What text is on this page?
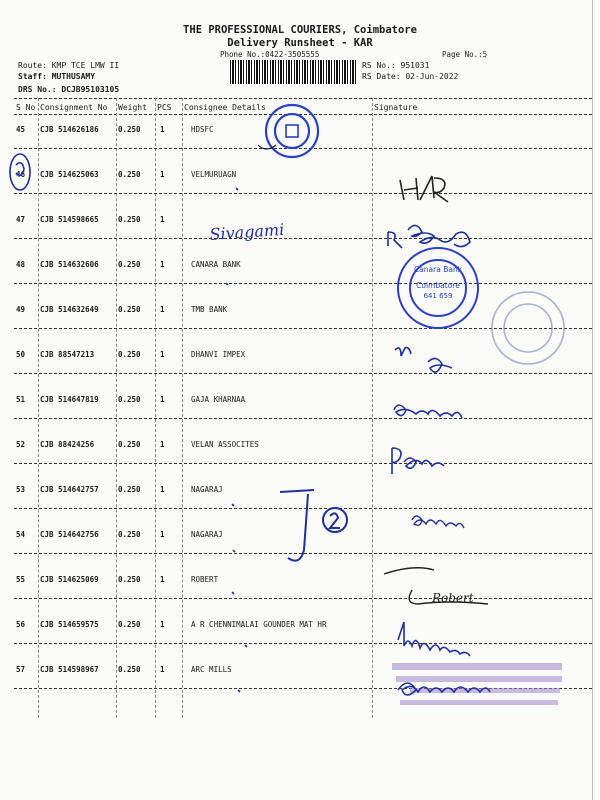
THE PROFESSIONAL COURIERS, Coimbatore
Delivery Runsheet - KAR
Phone No.:0422-3505555	Page No.:5
Route: KMP TCE LMW II
Staff: MUTHUSAMY
DRS No.: DCJB95103105
RS No.: 951031
RS Date: 02-Jun-2022
S No Consignment No Weight PCS Consignee Details	Signature
45 CJB 514626186	0.250	1	HDSFC
46 CJB 514625063	0.250	1	VELMURUAGN
47 CJB 514598665	0.250	1
48 CJB 514632606	0.250	1	CANARA BANK
49 CJB 514632649	0.250	1	TMB BANK
50 CJB 88547213	0.250	1	DHANVI IMPEX
51 CJB 514647819	0.250	1	GAJA KHARNAA
52 CJB 88424256	0.250	1	VELAN ASSOCITES
53 CJB 514642757	0.250	1	NAGARAJ
54 CJB 514642756	0.250	1	NAGARAJ
55 CJB 514625069	0.250	1	ROBERT
56 CJB 514659575	0.250	1	A R CHENNIMALAI GOUNDER MAT HR
57 CJB 514598967	0.250	1	ARC MILLS
Sivagami
Canara Bank
Coimbatore
641 659
Robert
